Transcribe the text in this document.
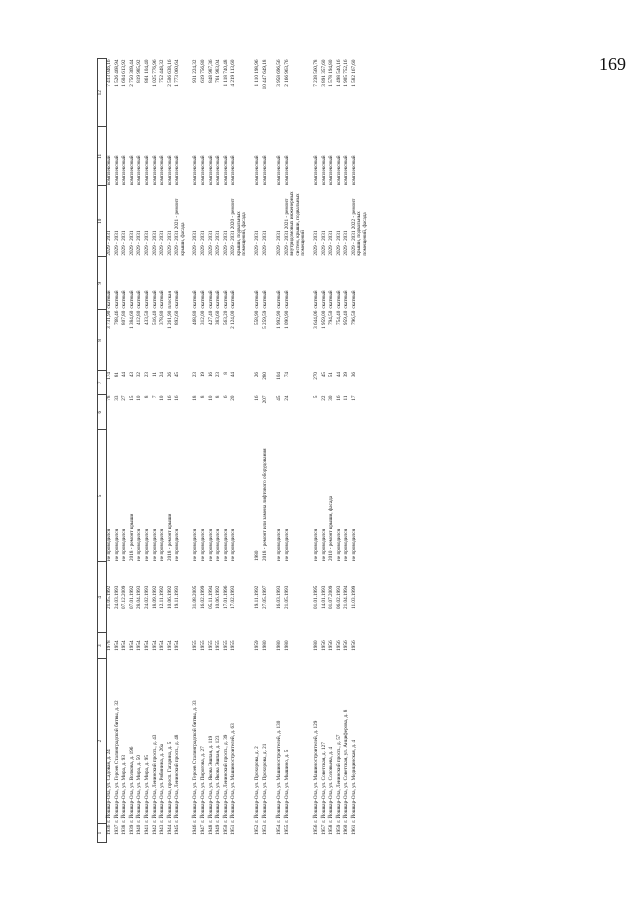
169
1	2	3	4	5	6	7	8	9	10	11	12
1936	г. Йошкар-Ола, ул. Садовая, д. 24	1978	21.05.1992	не проводился	78	174	3 731,90	скатный	2029 - 2031	комплексный	7 413 046,16
1937	г. Йошкар-Ола, ул. Героев Сталинградской битвы, д. 32	1954	24.03.1993	не проводился	33	81	768,46	скатный	2029 - 2031	комплексный	1 526 468,94
1938	г. Йошкар-Ола, ул. Мира, д. 93	1954	07.12.2009	не проводился	27	44	807,80	скатный	2029 - 2031	комплексный	1 604 613,92
1939	г. Йошкар-Ола, ул. Волкова, д. 196	1954	07.01.1992	2018 - ремонт крыши	15	43	1 384,60	скатный	2029 - 2031	комплексный	2 750 369,44
1940	г. Йошкар-Ола, ул. Мира, д. 50	1954	28.04.1993	не проводился	10	32	412,80	скатный	2029 - 2031	комплексный	819 985,92
1941	г. Йошкар-Ола, ул. Мира, д. 95	1954	24.02.1993	не проводился	8	23	433,50	скатный	2029 - 2031	комплексный	861 104,40
1942	г. Йошкар-Ола, Ленинский просп., д. 43	1954	18.09.1992	не проводился	7	11	516,40	скатный	2029 - 2031	комплексный	1 025 776,96
1943	г. Йошкар-Ола, ул. Рябинина, д. 26а	1954	12.11.1992	не проводился	10	24	378,80	скатный	2029 - 2031	комплексный	752 448,32
1944	г. Йошкар-Ола, просп. Гагарина, д. 5	1954	10.06.1992	2018 - ремонт крыши	16	26	1 261,90	плоская	2029 - 2031	комплексный	2 506 638,16
1945	г. Йошкар-Ола, Ленинский просп., д. 48	1954	19.11.1993	не проводился	16	45	892,60	скатный	2029 - 2031 2021 - ремонт крыши, фасада	комплексный	1 773 060,64

1946	г. Йошкар-Ола, ул. Героев Сталинградской битвы, д. 33	1955	31.08.2005	не проводился	18	23	468,80	скатный	2029 - 2031	комплексный	931 224,32
1947	г. Йошкар-Ола, ул. Пирогова, д. 27	1955	16.02.1999	не проводился	8	19	312,00	скатный	2029 - 2031	комплексный	619 756,80
1948	г. Йошкар-Ола, ул. Якова Эшпая, д. 119	1955	05.11.1994	не проводился	10	16	427,40	скатный	2029 - 2031	комплексный	848 987,36
1949	г. Йошкар-Ола, ул. Якова Эшпая, д. 123	1955	10.06.1992	не проводился	8	23	383,60	скатный	2029 - 2031	комплексный	761 983,04
1950	г. Йошкар-Ола, Ленинский просп., д. 39	1955	17.01.1996	не проводился	6	8	563,20	скатный	2029 - 2031	комплексный	1 118 740,48
1951	г. Йошкар-Ола, ул. Машиностроителей, д. 63	1955	17.02.1993	не проводился	20	44	2 124,00	скатный	2029 - 2031 2020 - ремонт крыши, подвальных помещений, фасада	комплексный	4 219 113,60

1952	г. Йошкар-Ола, ул. Прохорова, д. 2	1959	19.11.1992	1980	16	26	558,90	скатный	2029 - 2031	комплексный	1 110 198,96
1953	г. Йошкар-Ола, ул. Прохорова, д. 21	1980	27.05.1997	2018 - ремонт или замена лифтового оборудования	207	280	5 259,59	скатный	2029 - 2031	комплексный	10 447 649,18

1954	г. Йошкар-Ола, ул. Машиностроителей, д. 130	1980	16.03.1993	не проводился	45	104	1 992,90	скатный	2029 - 2031	комплексный	3 958 696,56
1955	г. Йошкар-Ола, ул. Мышино, д. 5	1980	21.05.1993	не проводился	24	74	1 090,90	скатный	2029 - 2031 2021 - ремонт внутридомовых инженерных систем, крыши, подвальных помещений	комплексный	2 166 963,76

1956	г. Йошкар-Ола, ул. Машиностроителей, д. 129	1980	01.01.1995	не проводился	5	270	3 644,06	скатный	2029 - 2031	комплексный	7 238 560,78
1957	г. Йошкар-Ола, ул. Советская, д. 127	1956	14.01.1993	не проводился	22	45	1 959,00	скатный	2029 - 2031	комплексный	3 891 357,60
1958	г. Йошкар-Ола, ул. Соловьева, д. 4	1956	01.07.2009	2010 - ремонт крыши, фасада	30	51	794,50	скатный	2029 - 2031	комплексный	1 578 194,80
1959	г. Йошкар-Ола, Ленинский просп., д. 57	1956	06.02.1993	не проводился	16	44	754,40	скатный	2029 - 2031	комплексный	1 498 540,16
1960	г. Йошкар-Ола, ул. Советская, ул. Анциферова, д. 8	1956	21.04.1994	не проводился	11	39	959,40	скатный	2029 - 2031	комплексный	1 905 752,16
1961	г. Йошкар-Ола, ул. Медицинская, д. 4	1956	11.03.1999	не проводился	17	36	796,50	скатный	2029 - 2031 2022 - ремонт крыши, подвальных помещений, фасада	комплексный	1 582 167,60
